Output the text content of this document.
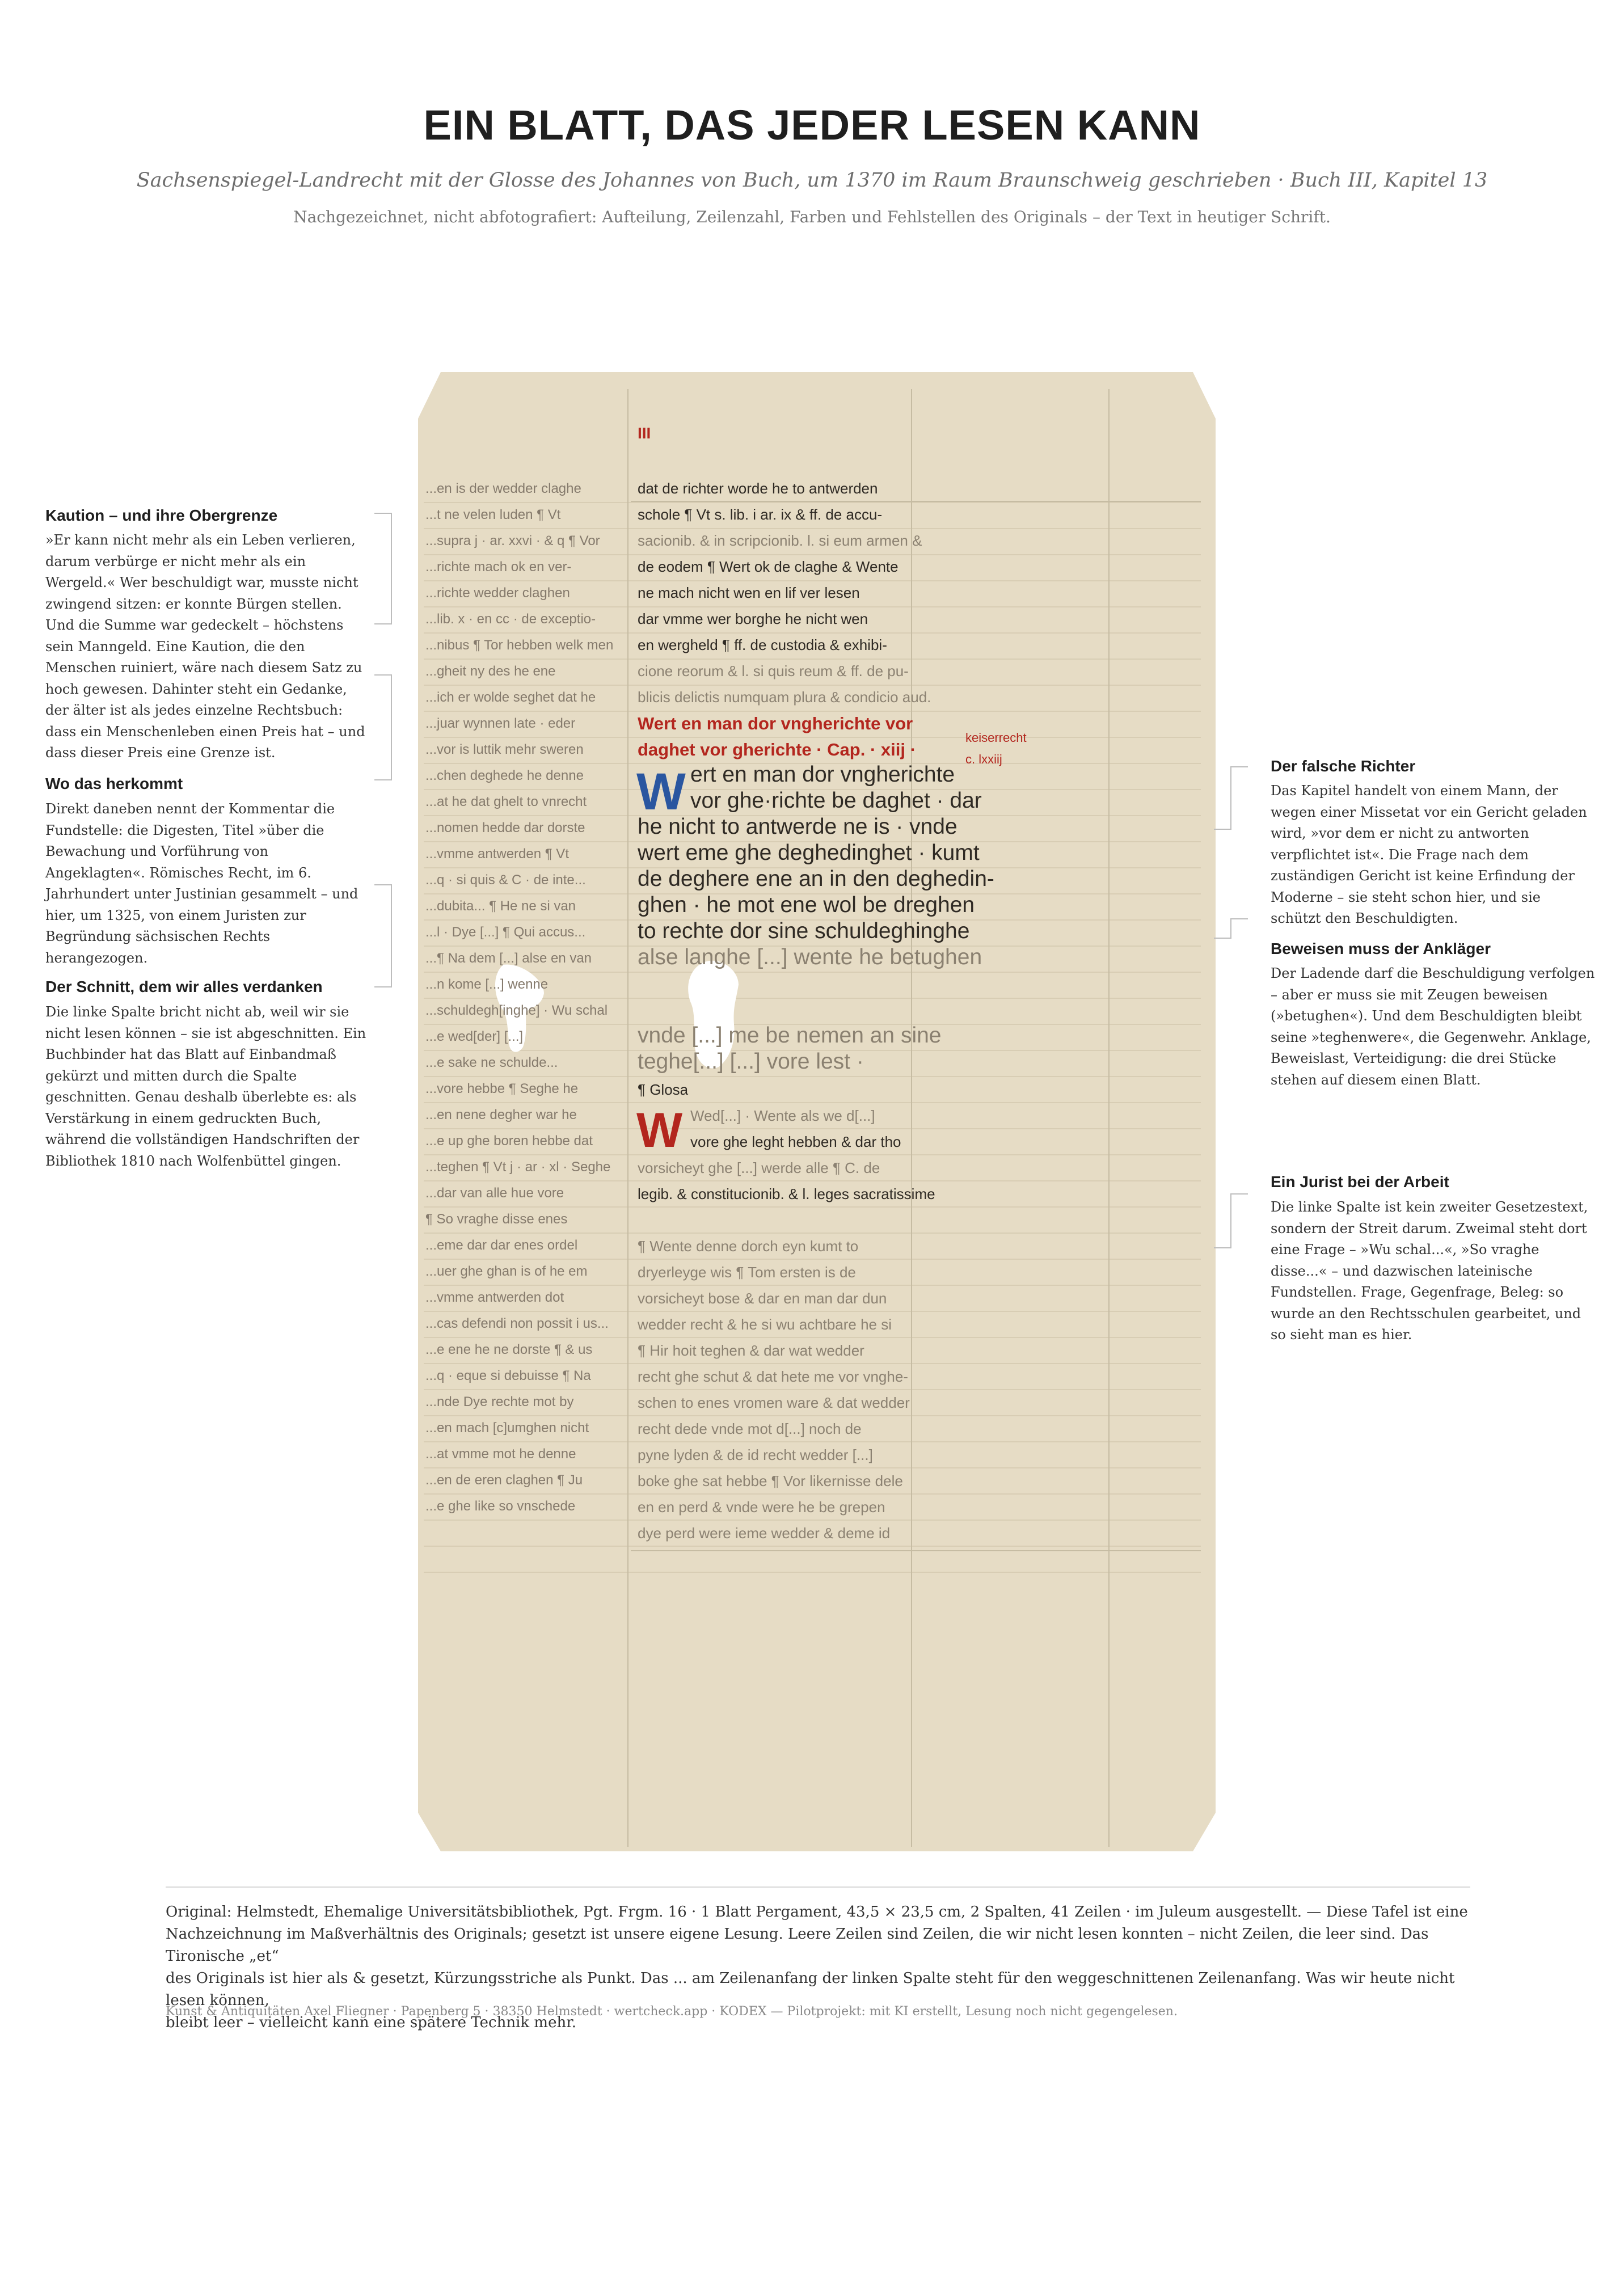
EIN BLATT, DAS JEDER LESEN KANN
Sachsenspiegel-Landrecht mit der Glosse des Johannes von Buch, um 1370 im Raum Braunschweig geschrieben · Buch III, Kapitel 13
Nachgezeichnet, nicht abfotografiert: Aufteilung, Zeilenzahl, Farben und Fehlstellen des Originals – der Text in heutiger Schrift.
III
keiserrecht
c. lxxiij
...en is der wedder claghe
...t ne velen luden ¶ Vt
...supra j · ar. xxvi · & q ¶ Vor
...richte mach ok en ver-
...richte wedder claghen
...lib. x · en cc · de exceptio-
...nibus ¶ Tor hebben welk men
...gheit ny des he ene
...ich er wolde seghet dat he
...juar wynnen late · eder
...vor is luttik mehr sweren
...chen deghede he denne
...at he dat ghelt to vnrecht
...nomen hedde dar dorste
...vmme antwerden ¶ Vt
...q · si quis & C · de inte...
...dubita... ¶ He ne si van
...l · Dye [...] ¶ Qui accus...
...¶ Na dem [...] alse en van
...n kome [...] wenne
...schuldegh[inghe] · Wu schal
...e wed[der] [...]
...e sake ne schulde...
...vore hebbe ¶ Seghe he
...en nene degher war he
...e up ghe boren hebbe dat
...teghen ¶ Vt j · ar · xl · Seghe
...dar van alle hue vore
¶ So vraghe disse enes
...eme dar dar enes ordel
...uer ghe ghan is of he em
...vmme antwerden dot
...cas defendi non possit i us...
...e ene he ne dorste ¶ & us
...q · eque si debuisse ¶ Na
...nde Dye rechte mot by
...en mach [c]umghen nicht
...at vmme mot he denne
...en de eren claghen ¶ Ju
...e ghe like so vnschede
dat de richter worde he to antwerden
schole ¶ Vt s. lib. i ar. ix & ff. de accu-
sacionib. & in scripcionib. l. si eum armen &
de eodem ¶ Wert ok de claghe & Wente
ne mach nicht wen en lif ver lesen
dar vmme wer borghe he nicht wen
en wergheld ¶ ff. de custodia & exhibi-
cione reorum & l. si quis reum & ff. de pu-
blicis delictis numquam plura & condicio aud.
Wert en man dor vngherichte vor
daghet vor gherichte · Cap. · xiij ·
W ert en man dor vngherichte
vor ghe·richte be daghet · dar
he nicht to antwerde ne is · vnde
wert eme ghe deghedinghet · kumt
de deghere ene an in den deghedin-
ghen · he mot ene wol be dreghen
to rechte dor sine schuldeghinghe
alse langhe [...] wente he betughen
vnde [...] me be nemen an sine
teghe[...] [...] vore lest ·
¶ Glosa
W Wed[...] · Wente als we d[...]
vore ghe leght hebben & dar tho
vorsicheyt ghe [...] werde alle ¶ C. de
legib. & constitucionib. & l. leges sacratissime
¶ Wente denne dorch eyn kumt to
dryerleyge wis ¶ Tom ersten is de
vorsicheyt bose & dar en man dar dun
wedder recht & he si wu achtbare he si
¶ Hir hoit teghen & dar wat wedder
recht ghe schut & dat hete me vor vnghe-
schen to enes vromen ware & dat wedder
recht dede vnde mot d[...] noch de
pyne lyden & de id recht wedder [...]
boke ghe sat hebbe ¶ Vor likernisse dele
en en perd & vnde were he be grepen
dye perd were ieme wedder & deme id
Kaution – und ihre Obergrenze
»Er kann nicht mehr als ein Leben verlieren,
darum verbürge er nicht mehr als ein
Wergeld.« Wer beschuldigt war, musste nicht
zwingend sitzen: er konnte Bürgen stellen.
Und die Summe war gedeckelt – höchstens
sein Manngeld. Eine Kaution, die den
Menschen ruiniert, wäre nach diesem Satz zu
hoch gewesen. Dahinter steht ein Gedanke,
der älter ist als jedes einzelne Rechtsbuch:
dass ein Menschenleben einen Preis hat – und
dass dieser Preis eine Grenze ist.
Wo das herkommt
Direkt daneben nennt der Kommentar die
Fundstelle: die Digesten, Titel »über die
Bewachung und Vorführung von
Angeklagten«. Römisches Recht, im 6.
Jahrhundert unter Justinian gesammelt – und
hier, um 1325, von einem Juristen zur
Begründung sächsischen Rechts
herangezogen.
Der Schnitt, dem wir alles verdanken
Die linke Spalte bricht nicht ab, weil wir sie
nicht lesen können – sie ist abgeschnitten. Ein
Buchbinder hat das Blatt auf Einbandmaß
gekürzt und mitten durch die Spalte
geschnitten. Genau deshalb überlebte es: als
Verstärkung in einem gedruckten Buch,
während die vollständigen Handschriften der
Bibliothek 1810 nach Wolfenbüttel gingen.
Der falsche Richter
Das Kapitel handelt von einem Mann, der
wegen einer Missetat vor ein Gericht geladen
wird, »vor dem er nicht zu antworten
verpflichtet ist«. Die Frage nach dem
zuständigen Gericht ist keine Erfindung der
Moderne – sie steht schon hier, und sie
schützt den Beschuldigten.
Beweisen muss der Ankläger
Der Ladende darf die Beschuldigung verfolgen
– aber er muss sie mit Zeugen beweisen
(»betughen«). Und dem Beschuldigten bleibt
seine »teghenwere«, die Gegenwehr. Anklage,
Beweislast, Verteidigung: die drei Stücke
stehen auf diesem einen Blatt.
Ein Jurist bei der Arbeit
Die linke Spalte ist kein zweiter Gesetzestext,
sondern der Streit darum. Zweimal steht dort
eine Frage – »Wu schal...«, »So vraghe
disse...« – und dazwischen lateinische
Fundstellen. Frage, Gegenfrage, Beleg: so
wurde an den Rechtsschulen gearbeitet, und
so sieht man es hier.
Original: Helmstedt, Ehemalige Universitätsbibliothek, Pgt. Frgm. 16 · 1 Blatt Pergament, 43,5 × 23,5 cm, 2 Spalten, 41 Zeilen · im Juleum ausgestellt. — Diese Tafel ist eine
Nachzeichnung im Maßverhältnis des Originals; gesetzt ist unsere eigene Lesung. Leere Zeilen sind Zeilen, die wir nicht lesen konnten – nicht Zeilen, die leer sind. Das Tironische „et“
des Originals ist hier als & gesetzt, Kürzungsstriche als Punkt. Das ... am Zeilenanfang der linken Spalte steht für den weggeschnittenen Zeilenanfang. Was wir heute nicht lesen können,
bleibt leer – vielleicht kann eine spätere Technik mehr.
Kunst & Antiquitäten Axel Fliegner · Papenberg 5 · 38350 Helmstedt · wertcheck.app · KODEX — Pilotprojekt: mit KI erstellt, Lesung noch nicht gegengelesen.
